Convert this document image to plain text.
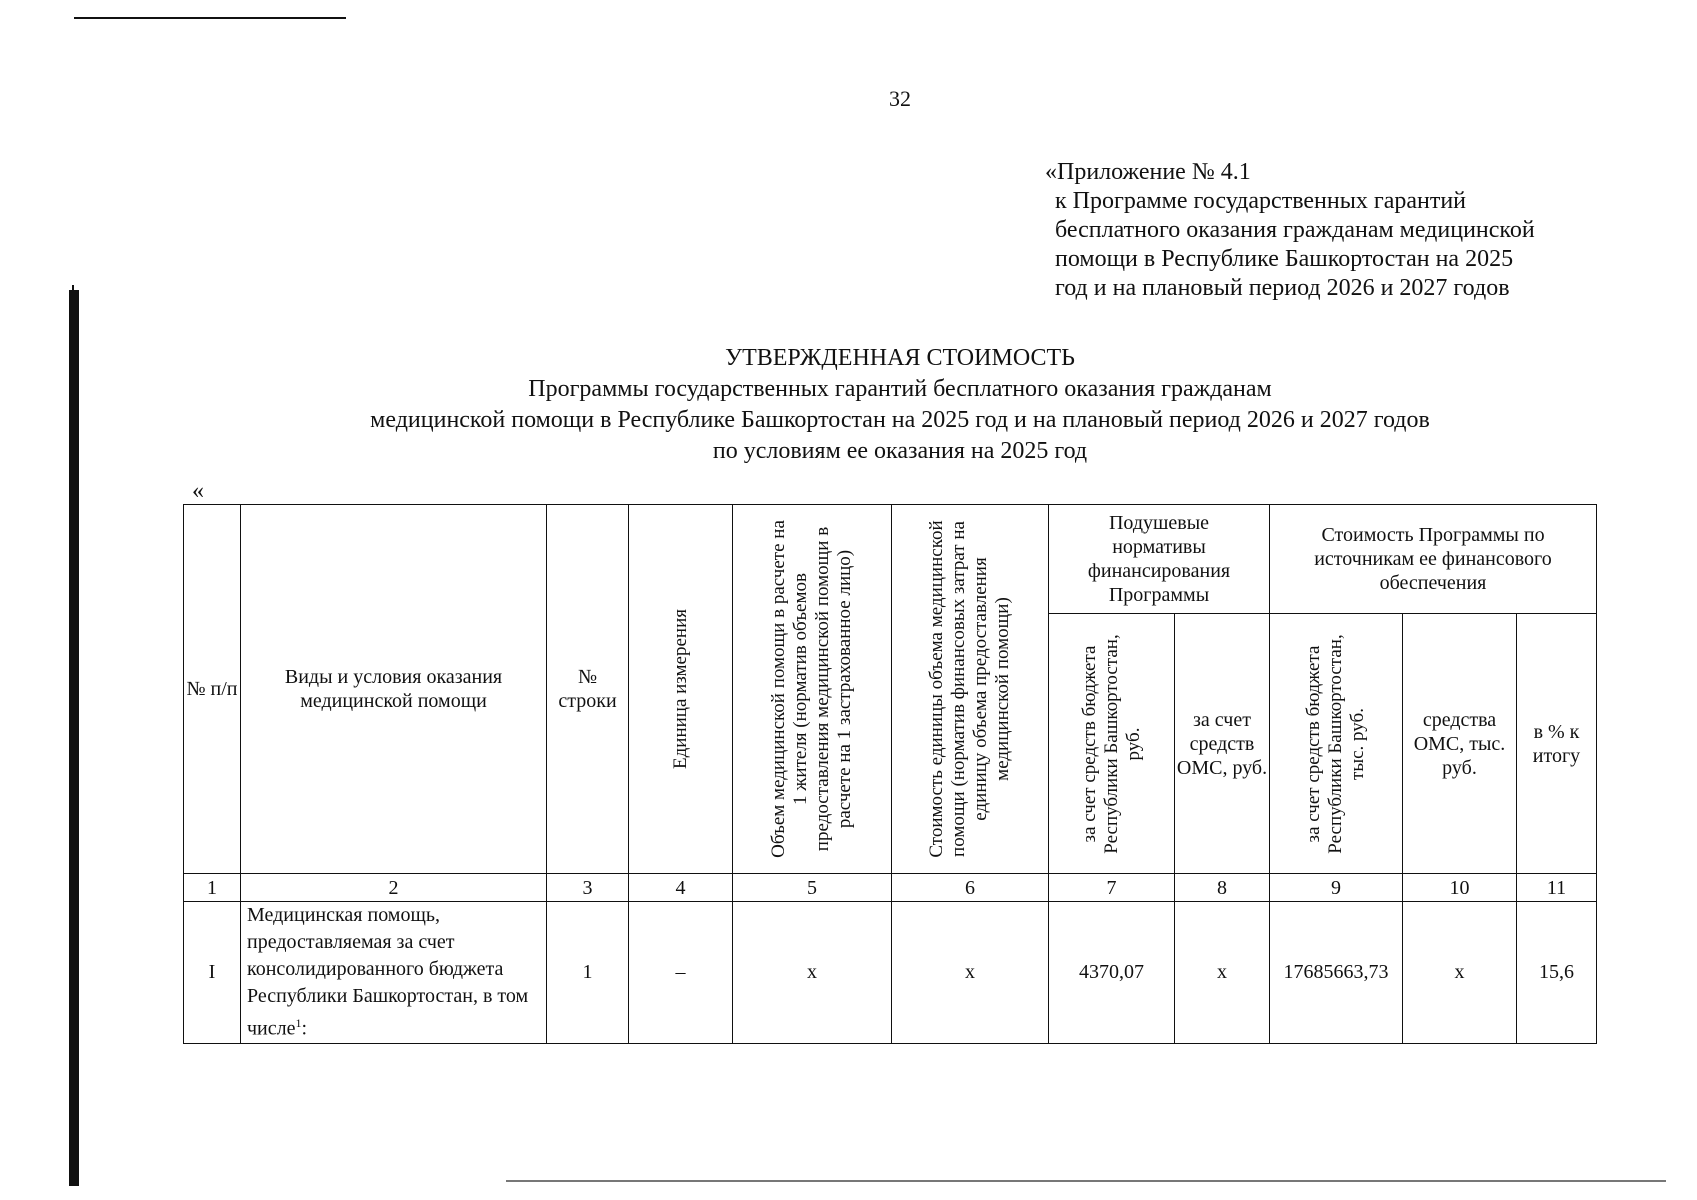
32
«Приложение № 4.1
к Программе государственных гарантий
бесплатного оказания гражданам медицинской
помощи в Республике Башкортостан на 2025
год и на плановый период 2026 и 2027 годов
УТВЕРЖДЕННАЯ СТОИМОСТЬ
Программы государственных гарантий бесплатного оказания гражданам
медицинской помощи в Республике Башкортостан на 2025 год и на плановый период 2026 и 2027 годов
по условиям ее оказания на 2025 год
«
№ п/п	Виды и условия оказания медицинской помощи	№ строки	Единица измерения	Объем медицинской помощи в расчете на 1 жителя (норматив объемов предоставления медицинской помощи в расчете на 1 застрахованное лицо)	Стоимость единицы объема медицинской помощи (норматив финансовых затрат на единицу объема предоставления медицинской помощи)	Подушевые нормативы финансирования Программы		Стоимость Программы по источникам ее финансового обеспечения		

						за счет средств бюджета Республики Башкортостан, руб.	за счет средств ОМС, руб.	за счет средств бюджета Республики Башкортостан, тыс. руб.	средства ОМС, тыс. руб.	в % к итогу
1	2	3	4	5	6	7	8	9	10	11
I	Медицинская помощь, предоставляемая за счет консолидированного бюджета Республики Башкортостан, в том числе$^1$:	1	–	х	х	4370,07	х	17685663,73	х	15,6
